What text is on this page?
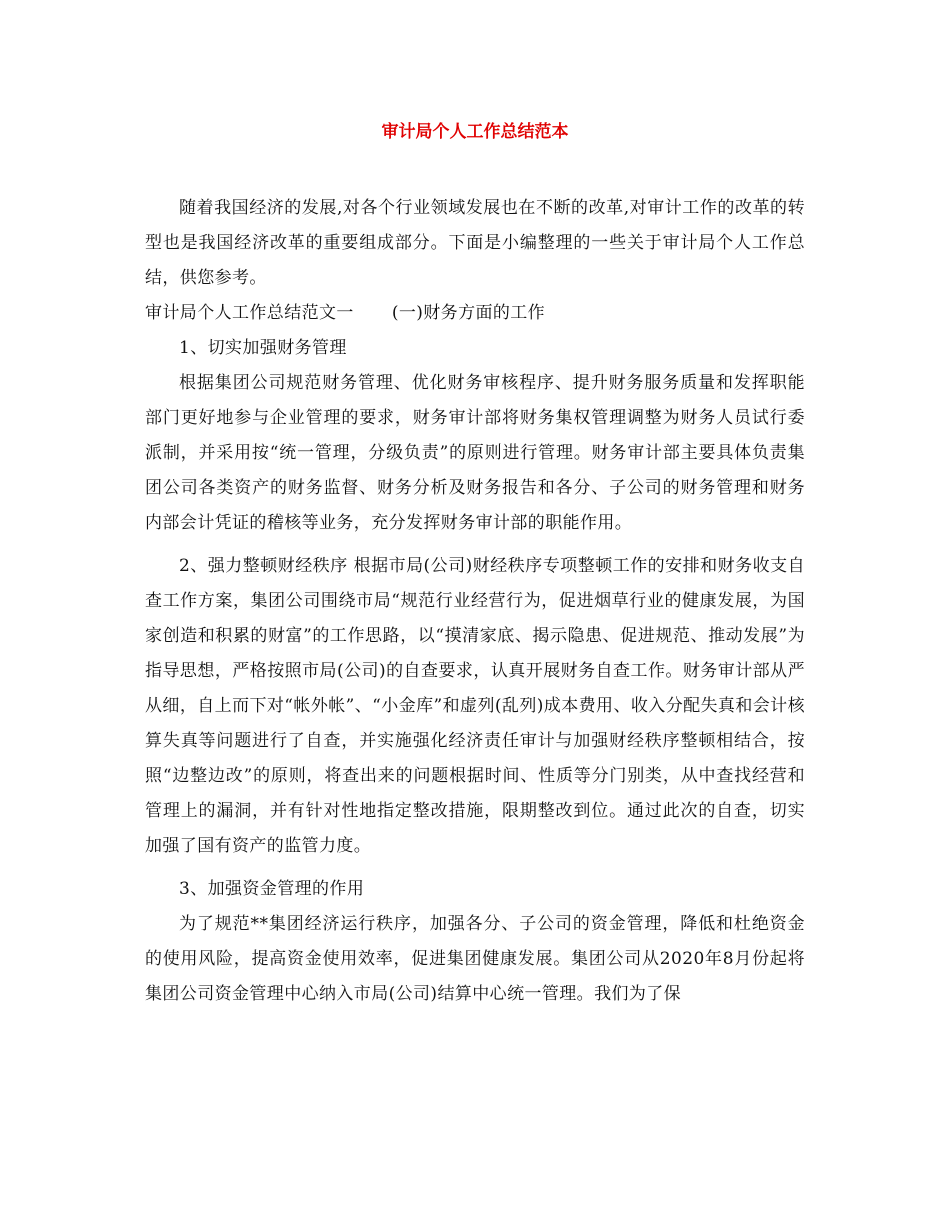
审计局个人工作总结范本

随着我国经济的发展,对各个行业领域发展也在不断的改革,对审计工作的改革的转型也是我国经济改革的重要组成部分。下面是小编整理的一些关于审计局个人工作总结，供您参考。

审计局个人工作总结范文一 (一)财务方面的工作

1、切实加强财务管理

根据集团公司规范财务管理、优化财务审核程序、提升财务服务质量和发挥职能部门更好地参与企业管理的要求，财务审计部将财务集权管理调整为财务人员试行委派制，并采用按“统一管理，分级负责”的原则进行管理。财务审计部主要具体负责集团公司各类资产的财务监督、财务分析及财务报告和各分、子公司的财务管理和财务内部会计凭证的稽核等业务，充分发挥财务审计部的职能作用。

2、强力整顿财经秩序 根据市局(公司)财经秩序专项整顿工作的安排和财务收支自查工作方案，集团公司围绕市局“规范行业经营行为，促进烟草行业的健康发展，为国家创造和积累的财富”的工作思路，以“摸清家底、揭示隐患、促进规范、推动发展”为指导思想，严格按照市局(公司)的自查要求，认真开展财务自查工作。财务审计部从严从细，自上而下对“帐外帐”、“小金库”和虚列(乱列)成本费用、收入分配失真和会计核算失真等问题进行了自查，并实施强化经济责任审计与加强财经秩序整顿相结合，按照“边整边改”的原则，将查出来的问题根据时间、性质等分门别类，从中查找经营和管理上的漏洞，并有针对性地指定整改措施，限期整改到位。通过此次的自查，切实加强了国有资产的监管力度。

3、加强资金管理的作用

为了规范**集团经济运行秩序，加强各分、子公司的资金管理，降低和杜绝资金的使用风险，提高资金使用效率，促进集团健康发展。集团公司从2020年8月份起将集团公司资金管理中心纳入市局(公司)结算中心统一管理。我们为了保
